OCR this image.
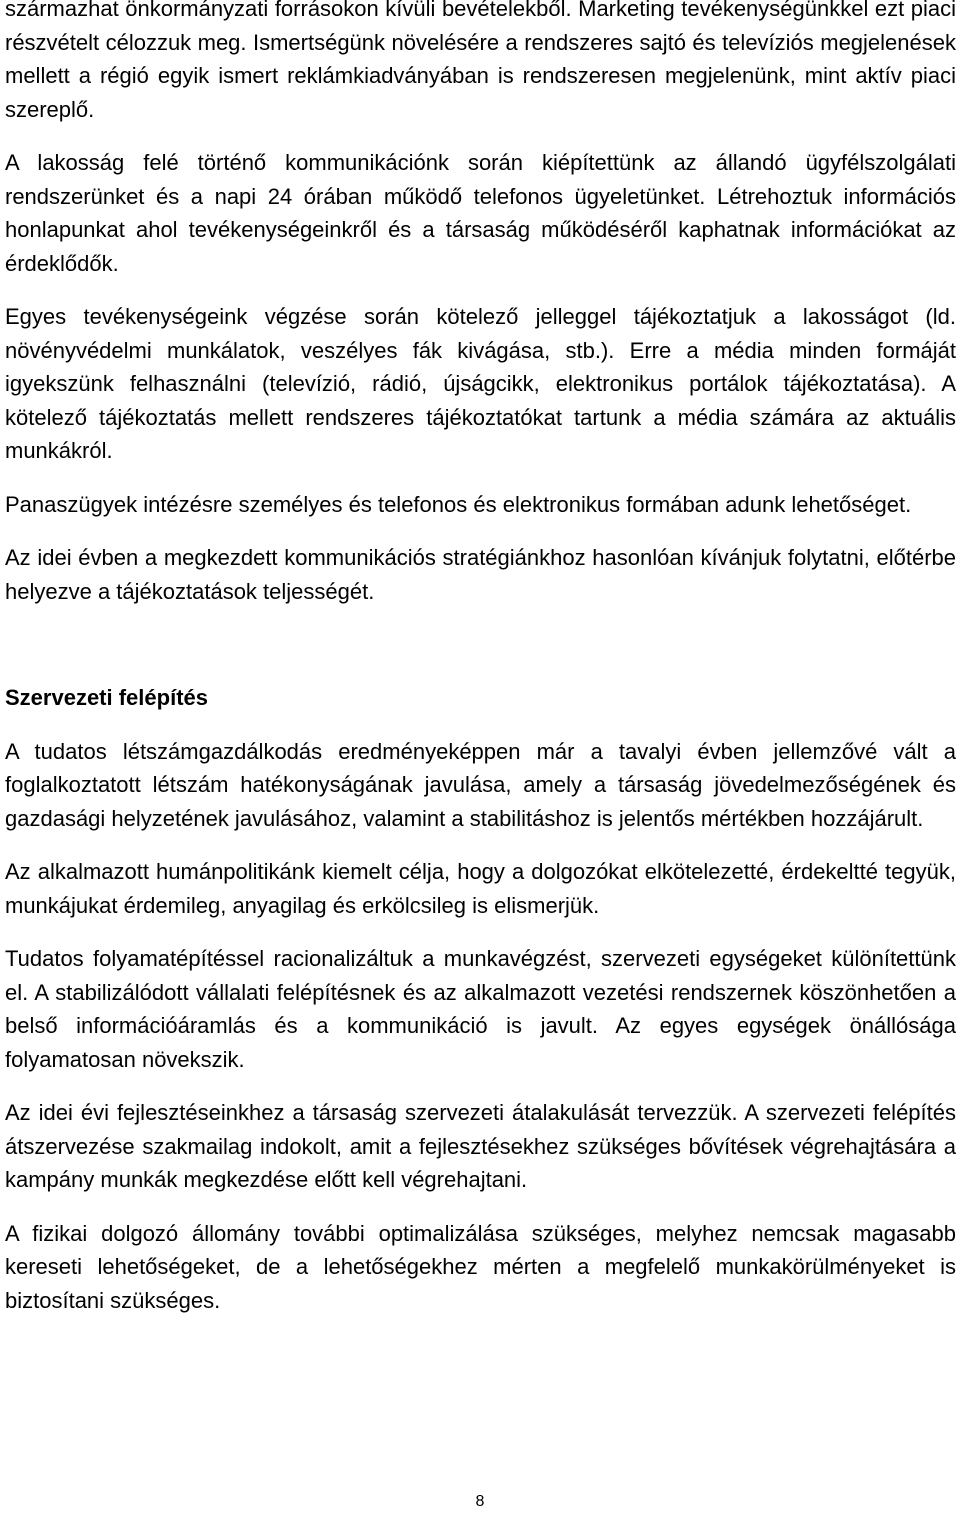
származhat önkormányzati forrásokon kívüli bevételekből. Marketing tevékenységünkkel ezt piaci részvételt célozzuk meg. Ismertségünk növelésére a rendszeres sajtó és televíziós megjelenések mellett a régió egyik ismert reklámkiadványában is rendszeresen megjelenünk, mint aktív piaci szereplő.

A lakosság felé történő kommunikációnk során kiépítettünk az állandó ügyfélszolgálati rendszerünket és a napi 24 órában működő telefonos ügyeletünket. Létrehoztuk információs honlapunkat ahol tevékenységeinkről és a társaság működéséről kaphatnak információkat az érdeklődők.

Egyes tevékenységeink végzése során kötelező jelleggel tájékoztatjuk a lakosságot (ld. növényvédelmi munkálatok, veszélyes fák kivágása, stb.). Erre a média minden formáját igyekszünk felhasználni (televízió, rádió, újságcikk, elektronikus portálok tájékoztatása). A kötelező tájékoztatás mellett rendszeres tájékoztatókat tartunk a média számára az aktuális munkákról.

Panaszügyek intézésre személyes és telefonos és elektronikus formában adunk lehetőséget.

Az idei évben a megkezdett kommunikációs stratégiánkhoz hasonlóan kívánjuk folytatni, előtérbe helyezve a tájékoztatások teljességét.

Szervezeti felépítés

A tudatos létszámgazdálkodás eredményeképpen már a tavalyi évben jellemzővé vált a foglalkoztatott létszám hatékonyságának javulása, amely a társaság jövedelmezőségének és gazdasági helyzetének javulásához, valamint a stabilitáshoz is jelentős mértékben hozzájárult.

Az alkalmazott humánpolitikánk kiemelt célja, hogy a dolgozókat elkötelezetté, érdekeltté tegyük, munkájukat érdemileg, anyagilag és erkölcsileg is elismerjük.

Tudatos folyamatépítéssel racionalizáltuk a munkavégzést, szervezeti egységeket különítettünk el. A stabilizálódott vállalati felépítésnek és az alkalmazott vezetési rendszernek köszönhetően a belső információáramlás és a kommunikáció is javult. Az egyes egységek önállósága folyamatosan növekszik.

Az idei évi fejlesztéseinkhez a társaság szervezeti átalakulását tervezzük. A szervezeti felépítés átszervezése szakmailag indokolt, amit a fejlesztésekhez szükséges bővítések végrehajtására a kampány munkák megkezdése előtt kell végrehajtani.

A fizikai dolgozó állomány további optimalizálása szükséges, melyhez nemcsak magasabb kereseti lehetőségeket, de a lehetőségekhez mérten a megfelelő munkakörülményeket is biztosítani szükséges.

8
